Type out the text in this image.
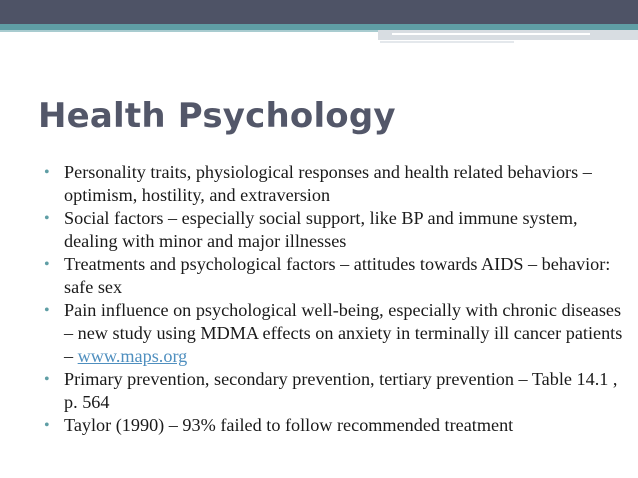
Health Psychology
• Personality traits, physiological responses and health related behaviors – optimism, hostility, and extraversion
• Social factors – especially social support, like BP and immune system, dealing with minor and major illnesses
• Treatments and psychological factors – attitudes towards AIDS – behavior: safe sex
• Pain influence on psychological well-being, especially with chronic diseases – new study using MDMA effects on anxiety in terminally ill cancer patients – www.maps.org
• Primary prevention, secondary prevention, tertiary prevention – Table 14.1 , p. 564
• Taylor (1990) – 93% failed to follow recommended treatment
